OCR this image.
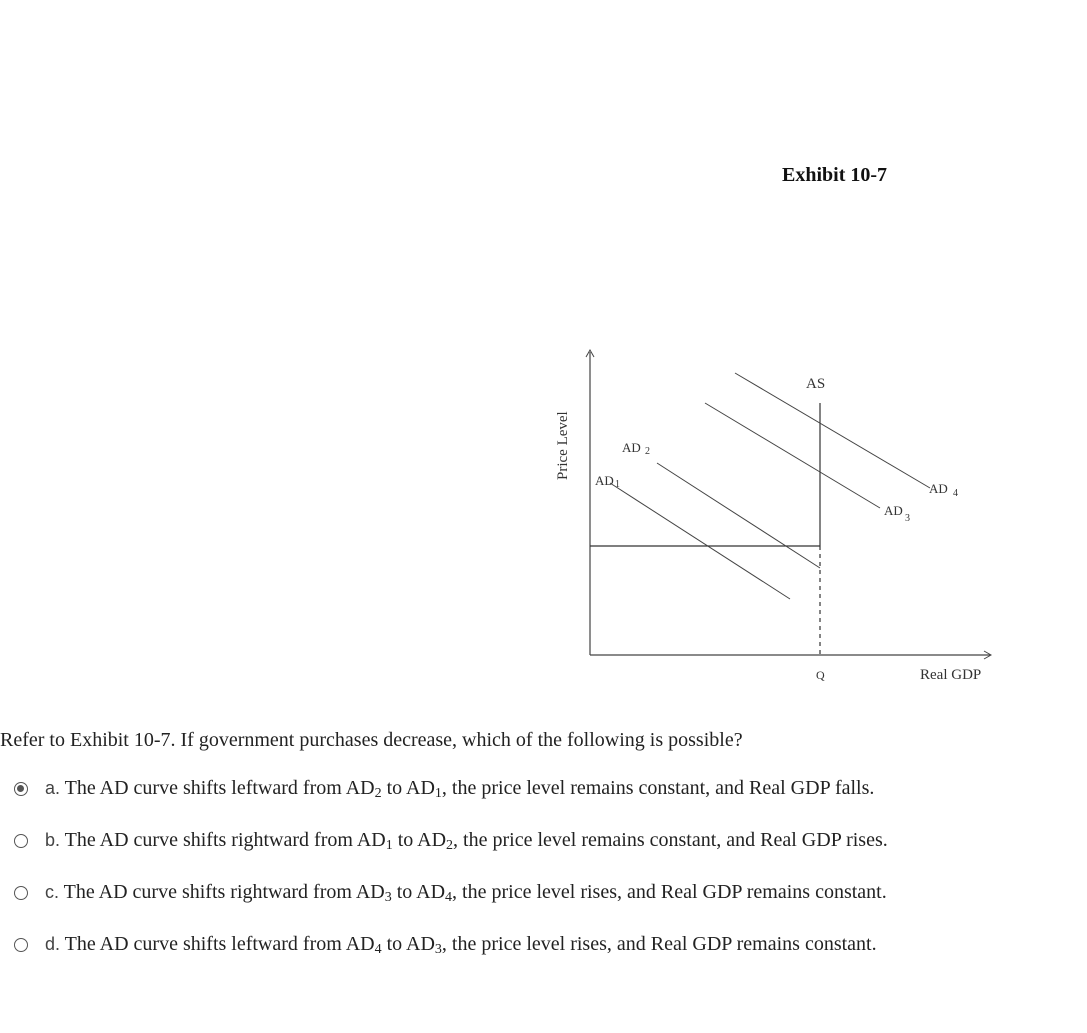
Exhibit 10-7
Price Level
AS
AD 1
AD 2
AD
3
AD 4
Q	Real GDP
Refer to Exhibit 10-7. If government purchases decrease, which of the following is possible?
a. The AD curve shifts leftward from $AD_2$ to $AD_1$, the price level remains constant, and Real GDP falls.
b. The AD curve shifts rightward from $AD_1$ to $AD_2$, the price level remains constant, and Real GDP rises.
c. The AD curve shifts rightward from $AD_3$ to $AD_4$, the price level rises, and Real GDP remains constant.
d. The AD curve shifts leftward from $AD_4$ to $AD_3$, the price level rises, and Real GDP remains constant.
